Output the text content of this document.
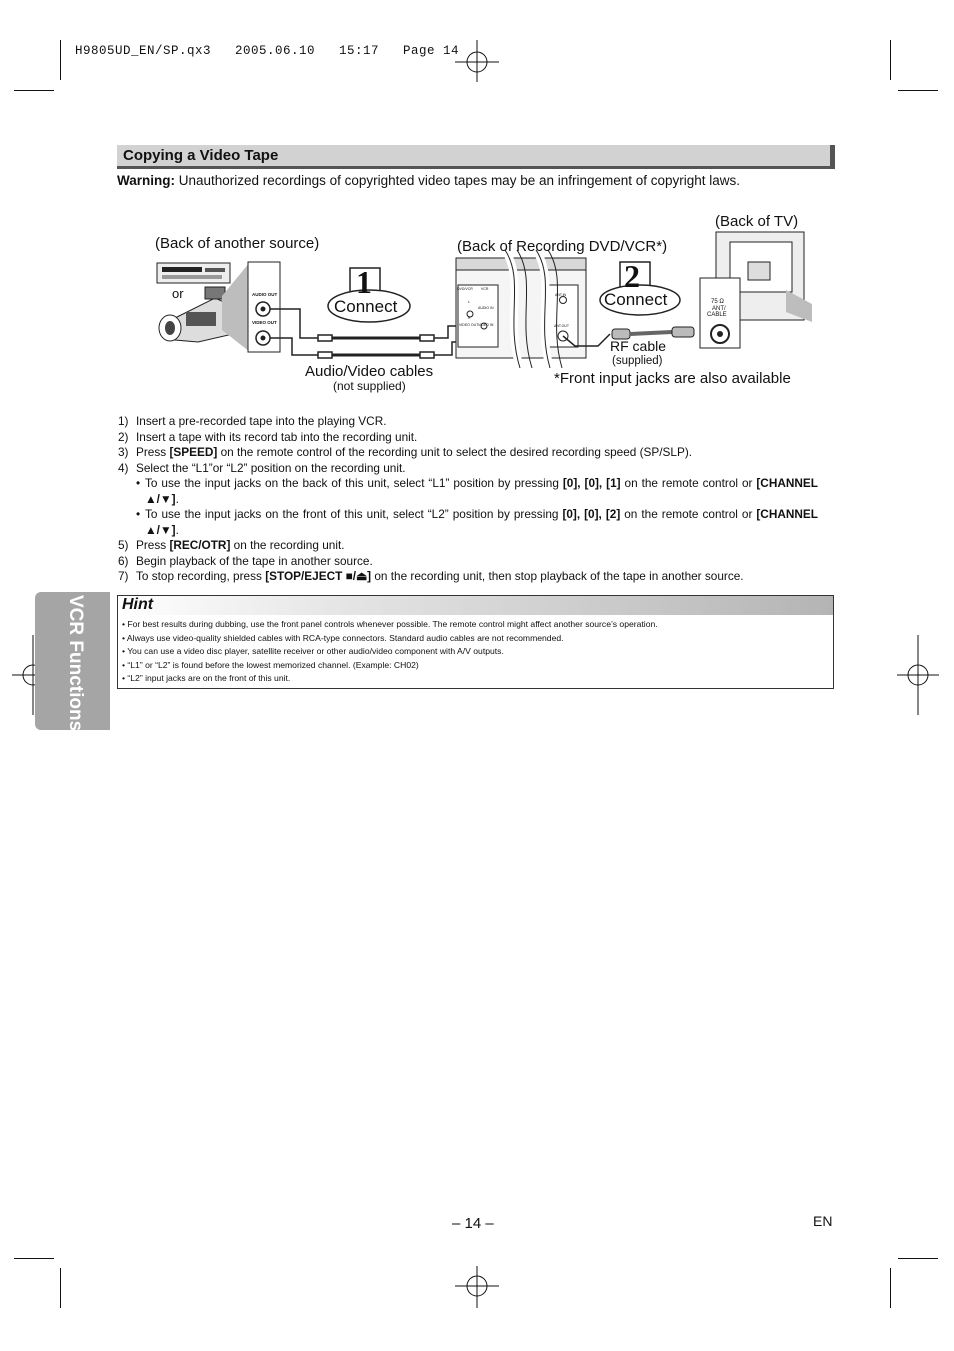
H9805UD_EN/SP.qx3   2005.06.10   15:17   Page 14
Copying a Video Tape
Warning: Unauthorized recordings of copyrighted video tapes may be an infringement of copyright laws.
(Back of another source)
or	AUDIO OUT
VIDEO OUT
1
Connect
(Back of Recording DVD/VCR*)
DVD/VCR VCR
L
R
AUDIO IN
VIDEO OUT VIDEO IN
ANT.IN
ANT.OUT
2
Connect
(Back of TV)
75 Ω
ANT/
CABLE
RF cable
(supplied)
Audio/Video cables
(not supplied)	*Front input jacks are also available
1) Insert a pre-recorded tape into the playing VCR.
2) Insert a tape with its record tab into the recording unit.
3) Press [SPEED] on the remote control of the recording unit to select the desired recording speed (SP/SLP).
4) Select the “L1”or “L2” position on the recording unit.
• To use the input jacks on the back of this unit, select “L1” position by pressing [0], [0], [1] on the remote control or [CHANNEL ▲/▼].
• To use the input jacks on the front of this unit, select “L2” position by pressing [0], [0], [2] on the remote control or [CHANNEL ▲/▼].
5) Press [REC/OTR] on the recording unit.
6) Begin playback of the tape in another source.
7) To stop recording, press [STOP/EJECT ■/⏏] on the recording unit, then stop playback of the tape in another source.
VCR Functions Hint
• For best results during dubbing, use the front panel controls whenever possible. The remote control might affect another source’s operation.
• Always use video-quality shielded cables with RCA-type connectors. Standard audio cables are not recommended.
• You can use a video disc player, satellite receiver or other audio/video component with A/V outputs.
• “L1” or “L2” is found before the lowest memorized channel. (Example: CH02)
• “L2” input jacks are on the front of this unit.
– 14 –	EN
